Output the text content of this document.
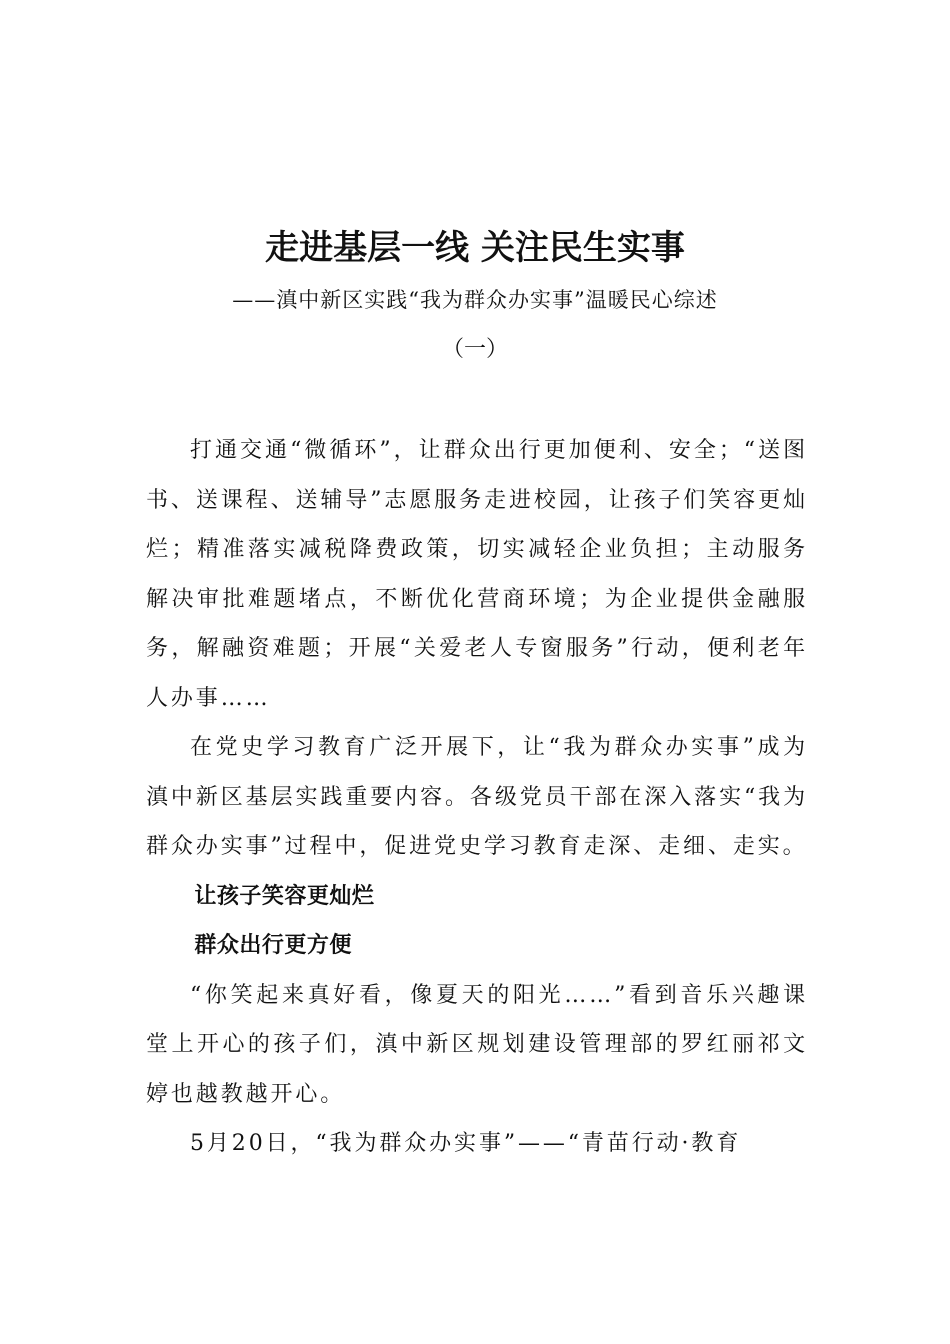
走进基层一线 关注民生实事
——滇中新区实践“我为群众办实事”温暖民心综述
（一）

打通交通“微循环”，让群众出行更加便利、安全；“送图书、送课程、送辅导”志愿服务走进校园，让孩子们笑容更灿烂；精准落实减税降费政策，切实减轻企业负担；主动服务解决审批难题堵点，不断优化营商环境；为企业提供金融服务，解融资难题；开展“关爱老人专窗服务”行动，便利老年人办事……

在党史学习教育广泛开展下，让“我为群众办实事”成为滇中新区基层实践重要内容。各级党员干部在深入落实“我为群众办实事”过程中，促进党史学习教育走深、走细、走实。

让孩子笑容更灿烂

群众出行更方便

“你笑起来真好看，像夏天的阳光……”看到音乐兴趣课堂上开心的孩子们，滇中新区规划建设管理部的罗红丽祁文婷也越教越开心。

5月20日，“我为群众办实事”——“青苗行动·教育
